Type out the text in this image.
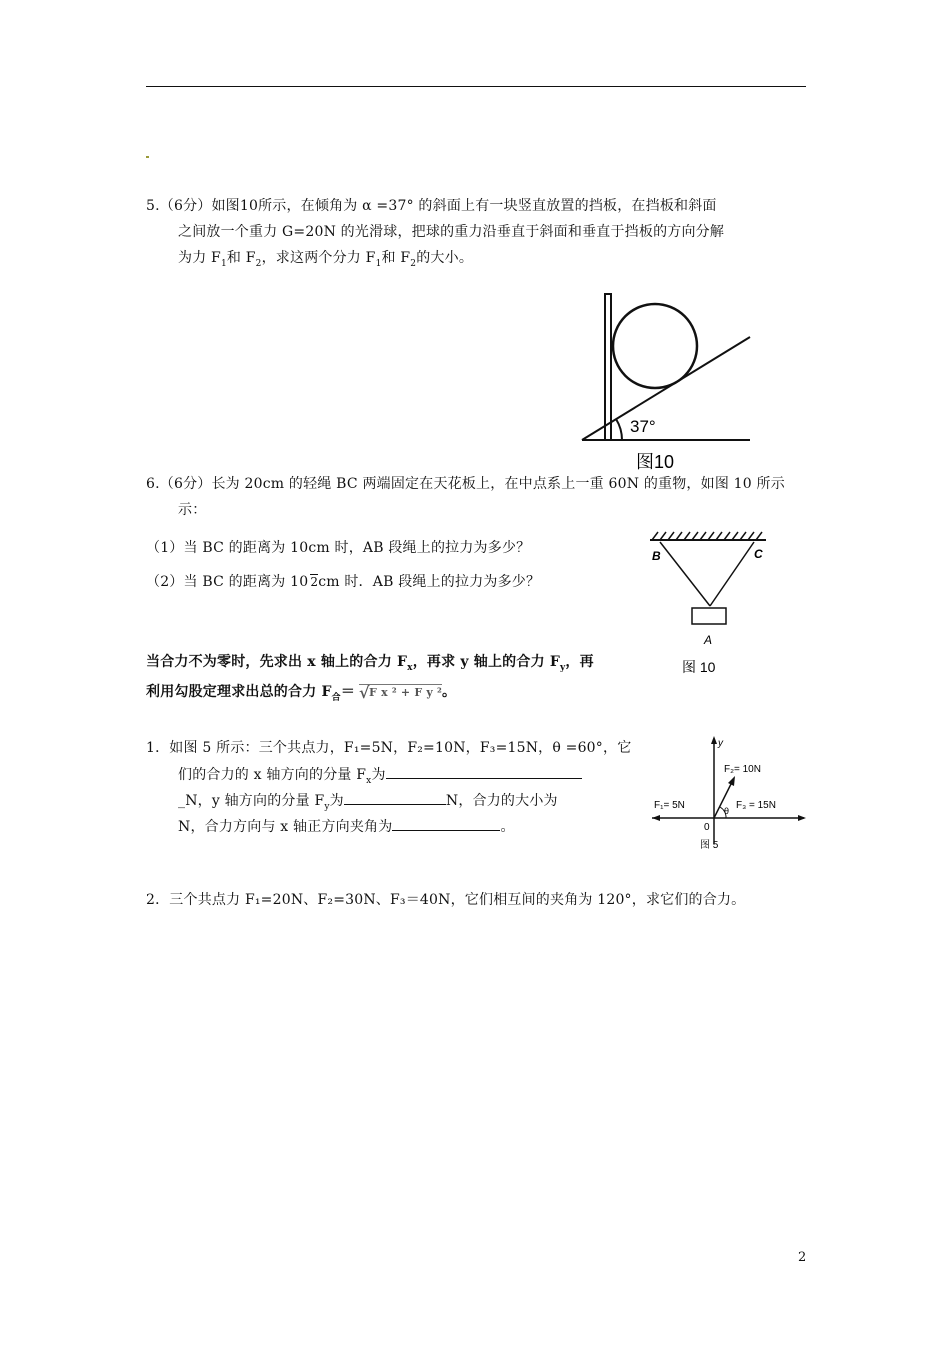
5.（6分）如图10所示，在倾角为 α =37° 的斜面上有一块竖直放置的挡板，在挡板和斜面
之间放一个重力 G=20N 的光滑球，把球的重力沿垂直于斜面和垂直于挡板的方向分解
为力 $F_1$和 $F_2$，求这两个分力 $F_1$和 $F_2$的大小。
37°
图10
6.（6分）长为 20cm 的轻绳 BC 两端固定在天花板上，在中点系上一重 60N 的重物，如图 10 所示
示：
（1）当 BC 的距离为 10cm 时，AB 段绳上的拉力为多少？
（2）当 BC 的距离为 10 2cm 时．AB 段绳上的拉力为多少？
B	C
A
图 10
当合力不为零时，先求出 x 轴上的合力 $F_x$，再求 y 轴上的合力 $F_y$，再
利用勾股定理求出总的合力 $F_合=$ √ F x ² + F y ²。
1．如图 5 所示：三个共点力，F₁=5N，F₂=10N，F₃=15N，θ =60°，它
们的合力的 x 轴方向的分量 $F_x$为
_N，y 轴方向的分量 $F_y$为	N，合力的大小为
N，合力方向与 x 轴正方向夹角为	。
y
F₂= 10N
F₁= 5N	F₃ = 15N
θ
0
图 5
2．三个共点力 F₁=20N、F₂=30N、F₃＝40N，它们相互间的夹角为 120°，求它们的合力。
2
